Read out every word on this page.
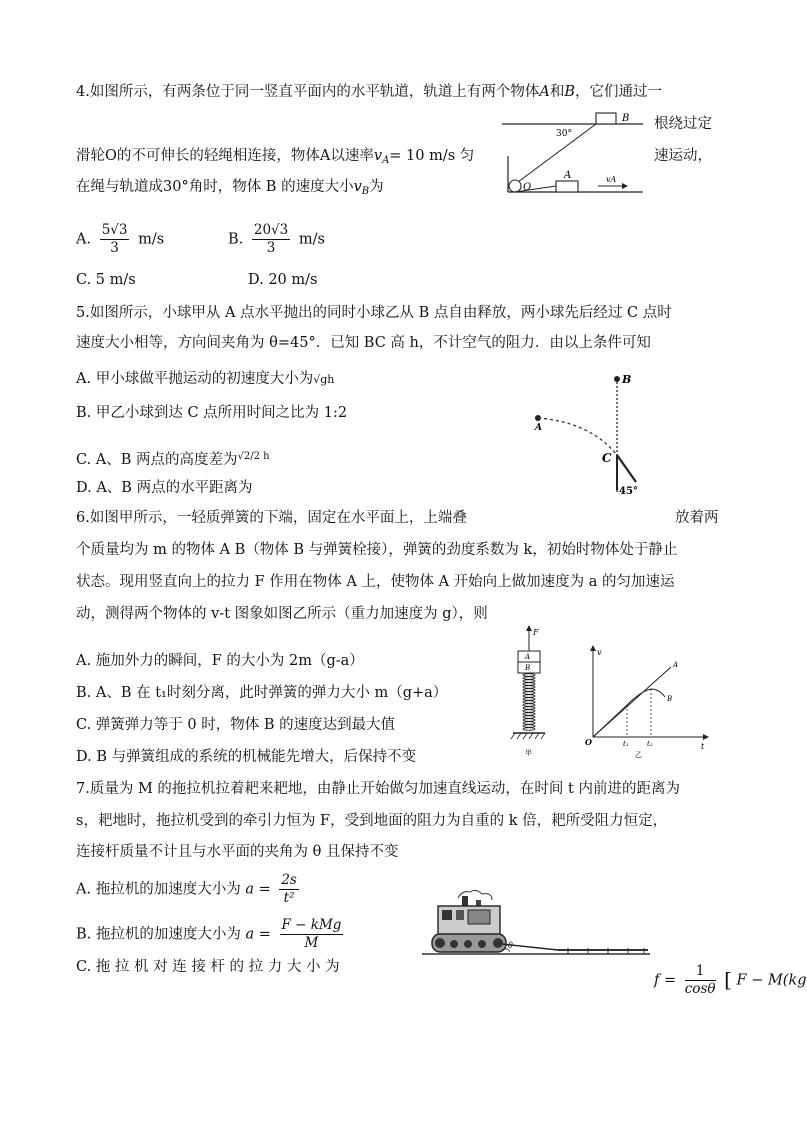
4.如图所示，有两条位于同一竖直平面内的水平轨道，轨道上有两个物体A和B，它们通过一
根绕过定
滑轮O的不可伸长的轻绳相连接，物体A以速率$v_A= 10$ m/s 匀	速运动，
在绳与轨道成30°角时，物体 B 的速度大小$v_B$为
B
30°
O
A	vA
A. $\frac{5√3}{3} m/s$	B. $\frac{20√3}{3} m/s$
C. 5 m/s	D. 20 m/s
5.如图所示，小球甲从 A 点水平抛出的同时小球乙从 B 点自由释放，两小球先后经过 C 点时
速度大小相等，方向间夹角为 θ=45°．已知 BC 高 h，不计空气的阻力．由以上条件可知
A. 甲小球做平抛运动的初速度大小为√gh
B. 甲乙小球到达 C 点所用时间之比为 1:2
C. A、B 两点的高度差为$^{√2/2 h}$
D. A、B 两点的水平距离为
B
A
C
45°
6.如图甲所示，一轻质弹簧的下端，固定在水平面上，上端叠	放着两
个质量均为 m 的物体 A B（物体 B 与弹簧栓接），弹簧的劲度系数为 k，初始时物体处于静止
状态。现用竖直向上的拉力 F 作用在物体 A 上，使物体 A 开始向上做加速度为 a 的匀加速运
动，测得两个物体的 v-t 图象如图乙所示（重力加速度为 g），则
A. 施加外力的瞬间，F 的大小为 2m（g-a）
B. A、B 在 t₁时刻分离，此时弹簧的弹力大小 m（g+a）
C. 弹簧弹力等于 0 时，物体 B 的速度达到最大值
D. B 与弹簧组成的系统的机械能先增大，后保持不变
F
A
B
甲
v
O	t
A
B
t₁	t₂
乙
7.质量为 M 的拖拉机拉着耙来耙地，由静止开始做匀加速直线运动，在时间 t 内前进的距离为
s，耙地时，拖拉机受到的牵引力恒为 F，受到地面的阻力为自重的 k 倍，耙所受阻力恒定，
连接杆质量不计且与水平面的夹角为 θ 且保持不变
A. 拖拉机的加速度大小为 $a = \frac{2s}{\text{t²}}$
B. 拖拉机的加速度大小为 $a = \frac{\text{F − kMg}}{M}$
C. 拖 拉 机 对 连 接 杆 的 拉 力 大 小 为
$f = \frac{1}{\cos\theta}$ [ F − M(kg
θ
